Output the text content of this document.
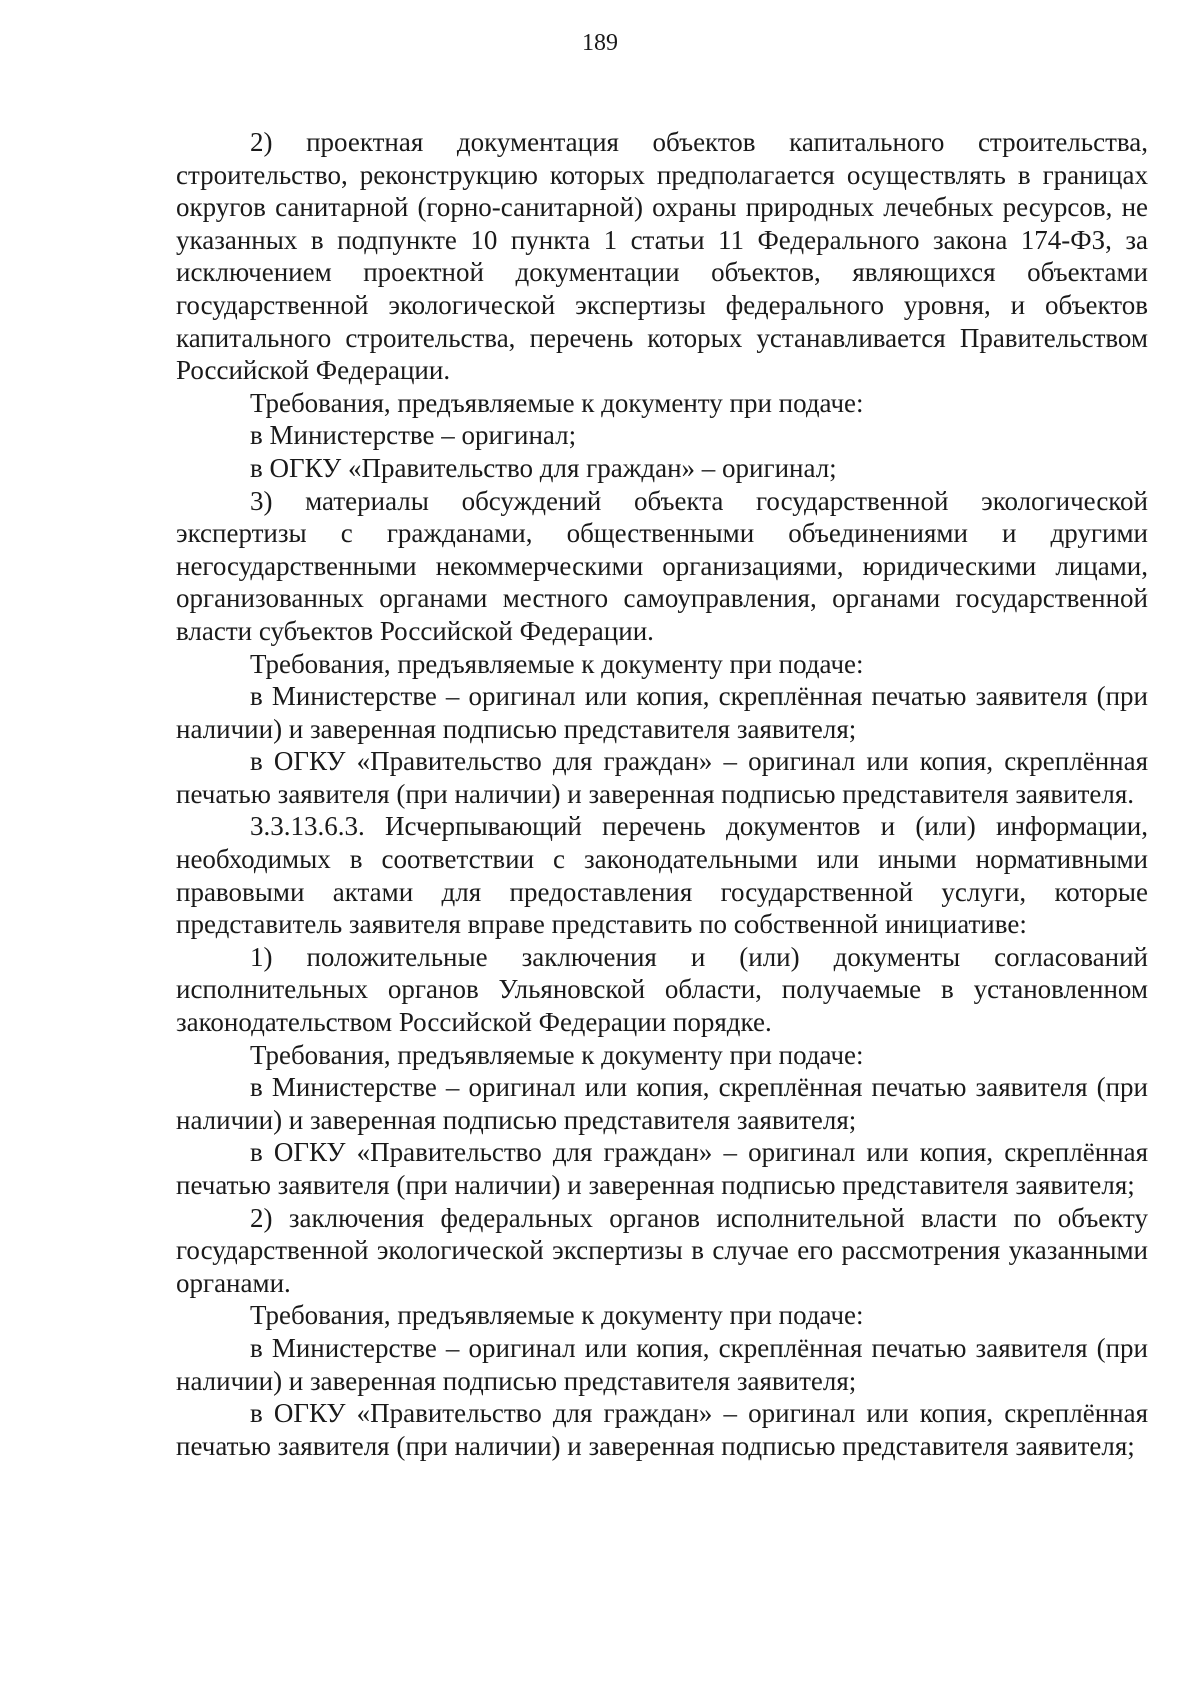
189

2) проектная документация объектов капитального строительства, строительство, реконструкцию которых предполагается осуществлять в границах округов санитарной (горно-санитарной) охраны природных лечебных ресурсов, не указанных в подпункте 10 пункта 1 статьи 11 Федерального закона 174-ФЗ, за исключением проектной документации объектов, являющихся объектами государственной экологической экспертизы федерального уровня, и объектов капитального строительства, перечень которых устанавливается Правительством Российской Федерации.

Требования, предъявляемые к документу при подаче:

в Министерстве – оригинал;

в ОГКУ «Правительство для граждан» – оригинал;

3) материалы обсуждений объекта государственной экологической экспертизы с гражданами, общественными объединениями и другими негосударственными некоммерческими организациями, юридическими лицами, организованных органами местного самоуправления, органами государственной власти субъектов Российской Федерации.

Требования, предъявляемые к документу при подаче:

в Министерстве – оригинал или копия, скреплённая печатью заявителя (при наличии) и заверенная подписью представителя заявителя;

в ОГКУ «Правительство для граждан» – оригинал или копия, скреплённая печатью заявителя (при наличии) и заверенная подписью представителя заявителя.

3.3.13.6.3. Исчерпывающий перечень документов и (или) информации, необходимых в соответствии с законодательными или иными нормативными правовыми актами для предоставления государственной услуги, которые представитель заявителя вправе представить по собственной инициативе:

1) положительные заключения и (или) документы согласований исполнительных органов Ульяновской области, получаемые в установленном законодательством Российской Федерации порядке.

Требования, предъявляемые к документу при подаче:

в Министерстве – оригинал или копия, скреплённая печатью заявителя (при наличии) и заверенная подписью представителя заявителя;

в ОГКУ «Правительство для граждан» – оригинал или копия, скреплённая печатью заявителя (при наличии) и заверенная подписью представителя заявителя;

2) заключения федеральных органов исполнительной власти по объекту государственной экологической экспертизы в случае его рассмотрения указанными органами.

Требования, предъявляемые к документу при подаче:

в Министерстве – оригинал или копия, скреплённая печатью заявителя (при наличии) и заверенная подписью представителя заявителя;

в ОГКУ «Правительство для граждан» – оригинал или копия, скреплённая печатью заявителя (при наличии) и заверенная подписью представителя заявителя;
